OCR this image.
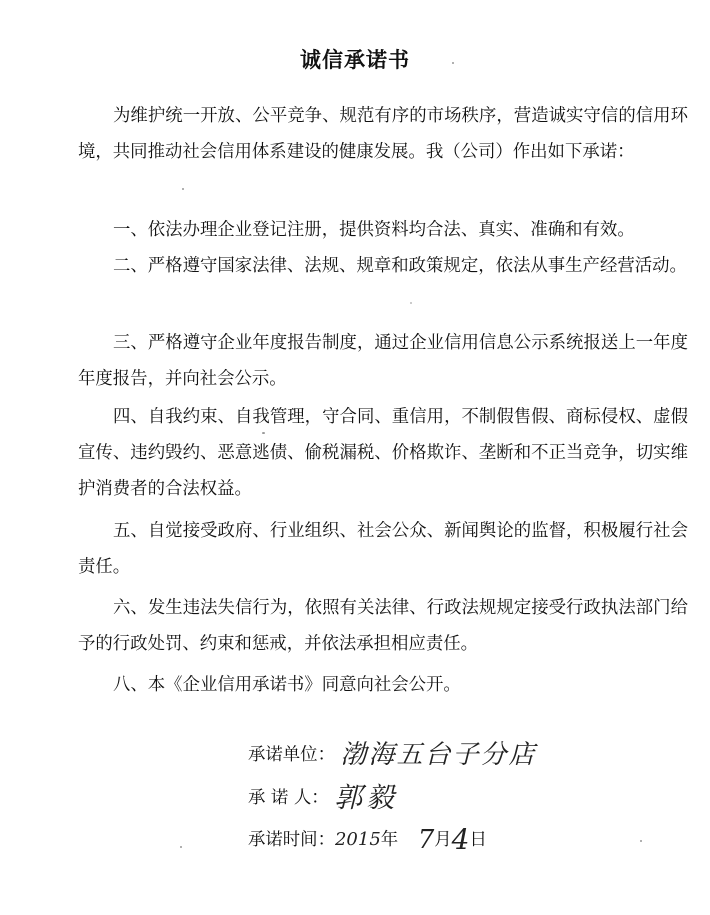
诚信承诺书

为维护统一开放、公平竞争、规范有序的市场秩序，营造诚实守信的信用环境，共同推动社会信用体系建设的健康发展。我（公司）作出如下承诺：

一、依法办理企业登记注册，提供资料均合法、真实、准确和有效。

二、严格遵守国家法律、法规、规章和政策规定，依法从事生产经营活动。

三、严格遵守企业年度报告制度，通过企业信用信息公示系统报送上一年度年度报告，并向社会公示。

四、自我约束、自我管理，守合同、重信用，不制假售假、商标侵权、虚假宣传、违约毁约、恶意逃债、偷税漏税、价格欺诈、垄断和不正当竞争，切实维护消费者的合法权益。

五、自觉接受政府、行业组织、社会公众、新闻舆论的监督，积极履行社会责任。

六、发生违法失信行为，依照有关法律、行政法规规定接受行政执法部门给予的行政处罚、约束和惩戒，并依法承担相应责任。

八、本《企业信用承诺书》同意向社会公开。

承诺单位： 渤海五台子分店
承 诺 人： 郭毅
承诺时间：2015年 7月4日
